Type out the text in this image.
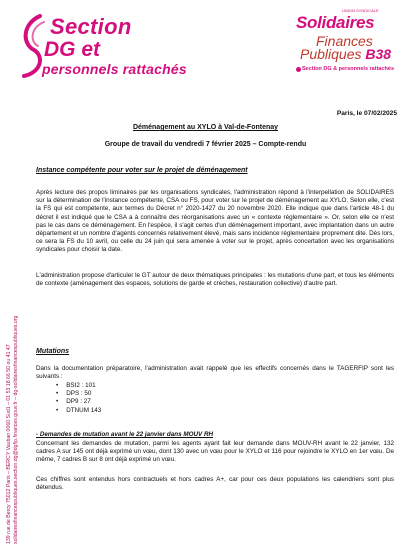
Section
DG et
personnels rattachés
UNION SYNDICALE
Solidaires
Finances
Publiques B38
Section DG & personnels rattachés
139 rue de Bercy 75012 Paris – BERCY Vauban 0060 Sud1 – 01 53 18 66 50 ou 41 47 solidairesfinancespubliques.section.dg@dgfip.finances.gouv.fr – dg-solidairesfinancespubliques.org
Paris, le 07/02/2025
Déménagement au XYLO à Val-de-Fontenay
Groupe de travail du vendredi 7 février 2025 – Compte-rendu
Instance compétente pour voter sur le projet de déménagement

Après lecture des propos liminaires par les organisations syndicales, l'administration répond à l'interpellation de SOLIDAIRES sur la détermination de l'instance compétente, CSA ou FS, pour voter sur le projet de déménagement au XYLO. Selon elle, c'est la FS qui est compétente, aux termes du Décret n° 2020-1427 du 20 novembre 2020. Elle indique que dans l'article 48-1 du décret il est indiqué que le CSA a à connaître des réorganisations avec un « contexte réglementaire ». Or, selon elle ce n'est pas le cas dans ce déménagement. En l'espèce, il s'agit certes d'un déménagement important, avec implantation dans un autre département et un nombre d'agents concernés relativement élevé, mais sans incidence réglementaire proprement dite. Dès lors, ce sera la FS du 10 avril, ou celle du 24 juin qui sera amenée à voter sur le projet, après concertation avec les organisations syndicales pour choisir la date.

L'administration propose d'articuler le GT autour de deux thématiques principales : les mutations d'une part, et tous les éléments de contexte (aménagement des espaces, solutions de garde et crèches, restauration collective) d'autre part.

Mutations

Dans la documentation préparatoire, l'administration avait rappelé que les effectifs concernés dans le TAGERFIP sont les suivants :

• BSI2 : 101
• DPS : 50
• DP9 : 27
• DTNUM 143
- Demandes de mutation avant le 22 janvier dans MOUV RH

Concernant les demandes de mutation, parmi les agents ayant fait leur demande dans MOUV-RH avant le 22 janvier, 132 cadres A sur 145 ont déjà exprimé un vœu, dont 130 avec un vœu pour le XYLO et 116 pour rejoindre le XYLO en 1er vœu. De même, 7 cadres B sur 8 ont déjà exprimé un vœu.

Ces chiffres sont entendus hors contractuels et hors cadres A+, car pour ces deux populations les calendriers sont plus détendus.
